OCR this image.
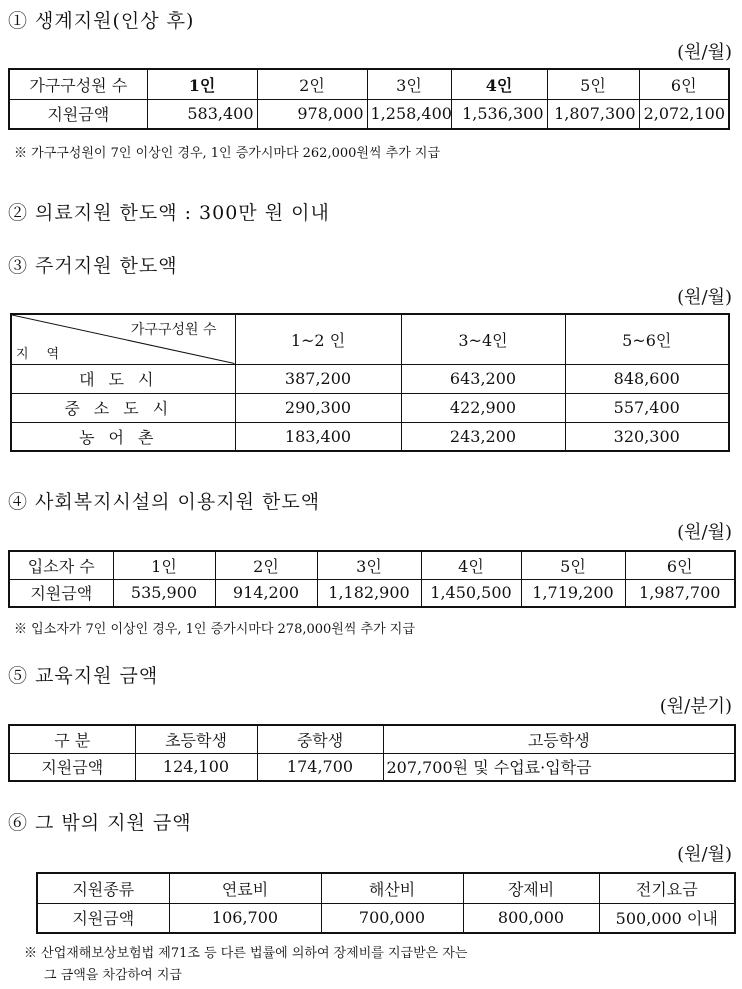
① 생계지원(인상 후)
(원/월)
가구구성원 수	1인	2인	3인	4인	5인	6인
지원금액	583,400	978,000	1,258,400	1,536,300	1,807,300	2,072,100
※ 가구구성원이 7인 이상인 경우, 1인 증가시마다 262,000원씩 추가 지급
② 의료지원 한도액 : 300만 원 이내
③ 주거지원 한도액
(원/월)
가구구성원 수
지역	1~2 인	3~4인	5~6인
대도시	387,200	643,200	848,600
중소도시	290,300	422,900	557,400
농어촌	183,400	243,200	320,300
④ 사회복지시설의 이용지원 한도액
(원/월)
입소자 수	1인	2인	3인	4인	5인	6인
지원금액	535,900	914,200	1,182,900	1,450,500	1,719,200	1,987,700
※ 입소자가 7인 이상인 경우, 1인 증가시마다 278,000원씩 추가 지급
⑤ 교육지원 금액
(원/분기)
구 분	초등학생	중학생	고등학생
지원금액	124,100	174,700	207,700원 및 수업료·입학금
⑥ 그 밖의 지원 금액
(원/월)
지원종류	연료비	해산비	장제비	전기요금
지원금액	106,700	700,000	800,000	500,000 이내
※ 산업재해보상보험법 제71조 등 다른 법률에 의하여 장제비를 지급받은 자는
그 금액을 차감하여 지급
